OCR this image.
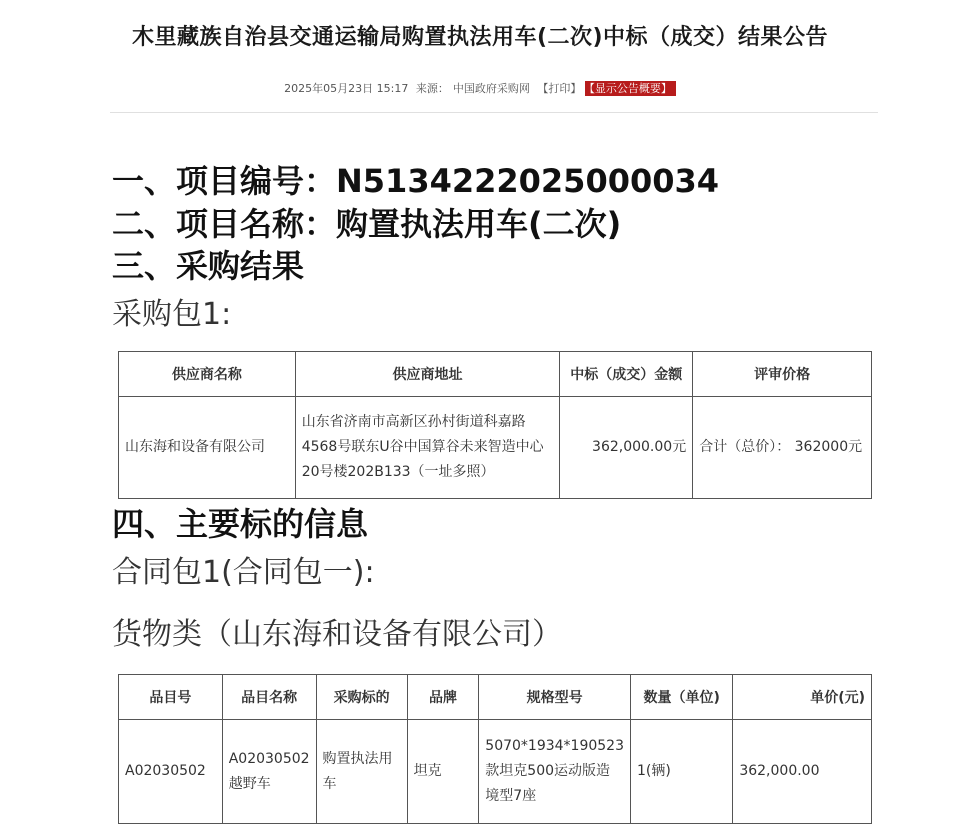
木里藏族自治县交通运输局购置执法用车(二次)中标（成交）结果公告
2025年05月23日 15:17 来源： 中国政府采购网 【打印】 【显示公告概要】
一、项目编号：N5134222025000034
二、项目名称：购置执法用车(二次)
三、采购结果
采购包1:
供应商名称	供应商地址	中标（成交）金额	评审价格
山东海和设备有限公司	山东省济南市高新区孙村街道科嘉路4568号联东U谷中国算谷未来智造中心20号楼202B133（一址多照）	362,000.00元	合计（总价）： 362000元
四、主要标的信息
合同包1(合同包一):
货物类（山东海和设备有限公司）
品目号	品目名称	采购标的	品牌	规格型号	数量（单位)	单价(元)
A02030502	A02030502越野车	购置执法用车	坦克	5070*1934*190523款坦克500运动版造境型7座	1(辆)	362,000.00
